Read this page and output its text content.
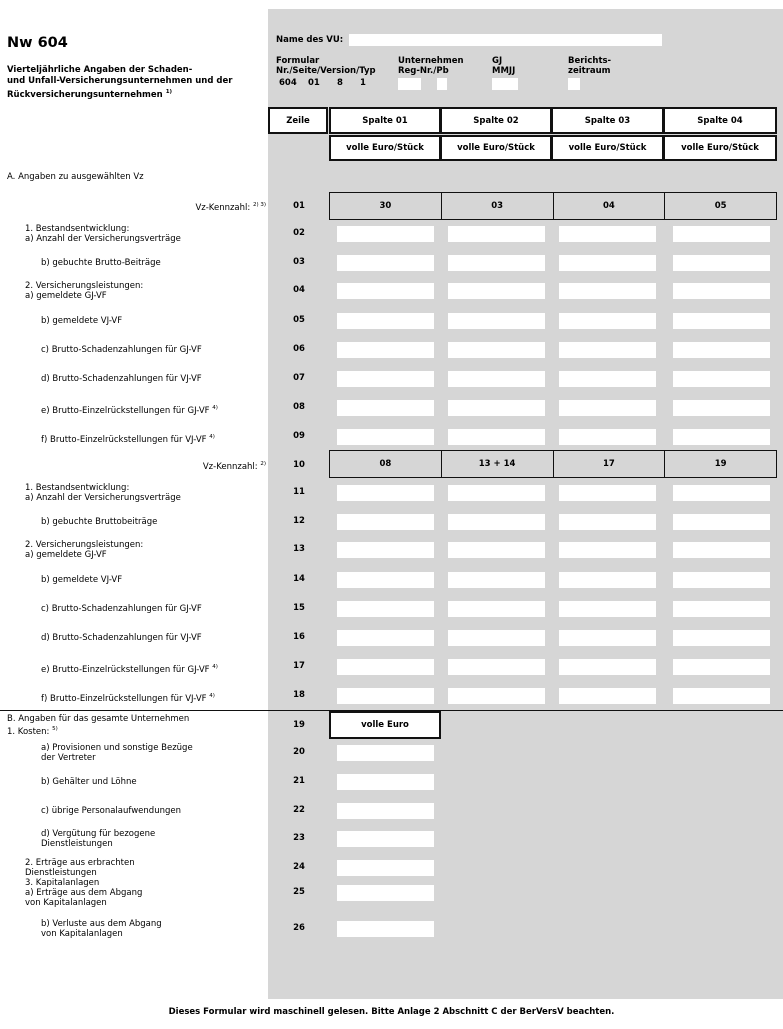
Nw 604
Vierteljährliche Angaben der Schaden-
und Unfall-Versicherungsunternehmen und der
Rückversicherungsunternehmen $^{1)}$
Name des VU:
Formular
Nr./Seite/Version/Typ
604 01 8 1
Unternehmen
Reg-Nr./Pb
GJ
MMJJ
Berichts-
zeitraum
Zeile	Spalte 01	Spalte 02	Spalte 03	Spalte 04
volle Euro/Stück	volle Euro/Stück	volle Euro/Stück	volle Euro/Stück
A. Angaben zu ausgewählten Vz
Vz-Kennzahl: $^{2) 3)}$	01	30	03	04	05
1. Bestandsentwicklung:
a) Anzahl der Versicherungsverträge
02
b) gebuchte Brutto-Beiträge	03
2. Versicherungsleistungen:
a) gemeldete GJ-VF
04
b) gemeldete VJ-VF	05
c) Brutto-Schadenzahlungen für GJ-VF	06
d) Brutto-Schadenzahlungen für VJ-VF	07
e) Brutto-Einzelrückstellungen für GJ-VF $^{4)}$	08
f) Brutto-Einzelrückstellungen für VJ-VF $^{4)}$	09
Vz-Kennzahl: $^{2)}$	10	08	13 + 14	17	19
1. Bestandsentwicklung:
a) Anzahl der Versicherungsverträge
11
b) gebuchte Bruttobeiträge	12
2. Versicherungsleistungen:
a) gemeldete GJ-VF
13
b) gemeldete VJ-VF	14
c) Brutto-Schadenzahlungen für GJ-VF	15
d) Brutto-Schadenzahlungen für VJ-VF	16
e) Brutto-Einzelrückstellungen für GJ-VF $^{4)}$	17
f) Brutto-Einzelrückstellungen für VJ-VF $^{4)}$	18
B. Angaben für das gesamte Unternehmen
1. Kosten: $^{5)}$	19	volle Euro
a) Provisionen und sonstige Bezüge
der Vertreter
20
b) Gehälter und Löhne	21
c) übrige Personalaufwendungen	22
d) Vergütung für bezogene
Dienstleistungen
23
2. Erträge aus erbrachten
Dienstleistungen
24
3. Kapitalanlagen
a) Erträge aus dem Abgang
von Kapitalanlagen
25
b) Verluste aus dem Abgang
von Kapitalanlagen
26
Dieses Formular wird maschinell gelesen. Bitte Anlage 2 Abschnitt C der BerVersV beachten.
